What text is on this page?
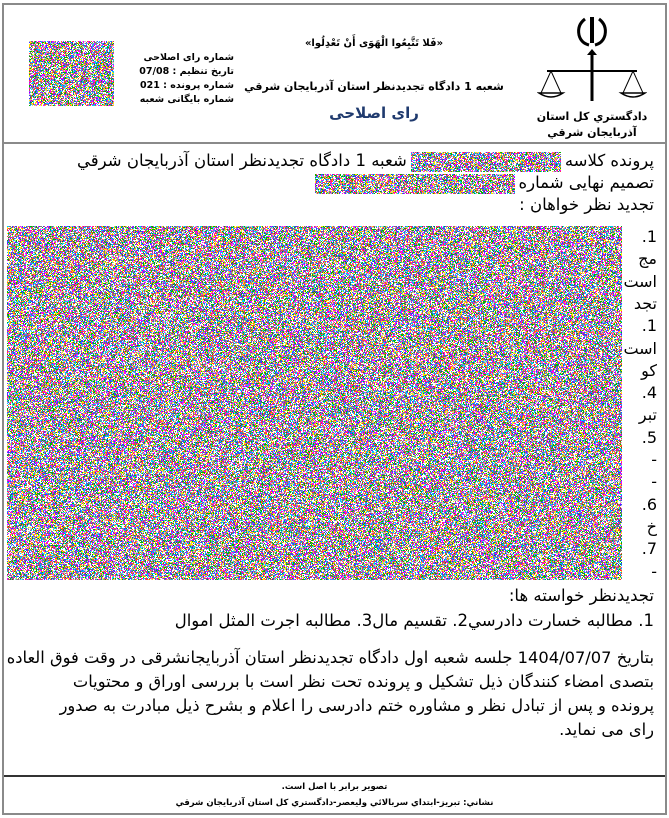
دادگستري کل استان آذربايجان شرقي
«فَلا تَتَّبِعُوا الْهَوَى أَنْ تَعْدِلُوا»
شعبه 1 دادگاه تجديدنظر استان آذربايجان شرقي
رای اصلاحی
شماره رای اصلاحی
تاریخ تنظیم : 07/08
شماره پرونده : 021
شماره بایگانی شعبه
پرونده کلاسهشعبه 1 دادگاه تجدیدنظر استان آذربایجان شرقي
تصمیم نهایی شماره
تجدید نظر خواهان :
1.
مج
است
تجد
1.
است
کو
4.
تبر
5.
-
-
6.
خ
7.
-
تجدیدنظر خواسته ها:
1. مطالبه خسارت دادرسي2. تقسیم مال3. مطالبه اجرت المثل اموال
بتاریخ 1404/07/07 جلسه شعبه اول دادگاه تجدیدنظر استان آذربایجانشرقی در وقت فوق العاده
بتصدی امضاء کنندگان ذیل تشکیل و پرونده تحت نظر است با بررسی اوراق و محتویات
پرونده و پس از تبادل نظر و مشاوره ختم دادرسی را اعلام و بشرح ذیل مبادرت به صدور
رای می نماید.
تصویر برابر با اصل است.
نشاني: تبريز-ابتداي سربالائي وليعصر-دادگستري کل استان آذربايجان شرقي
